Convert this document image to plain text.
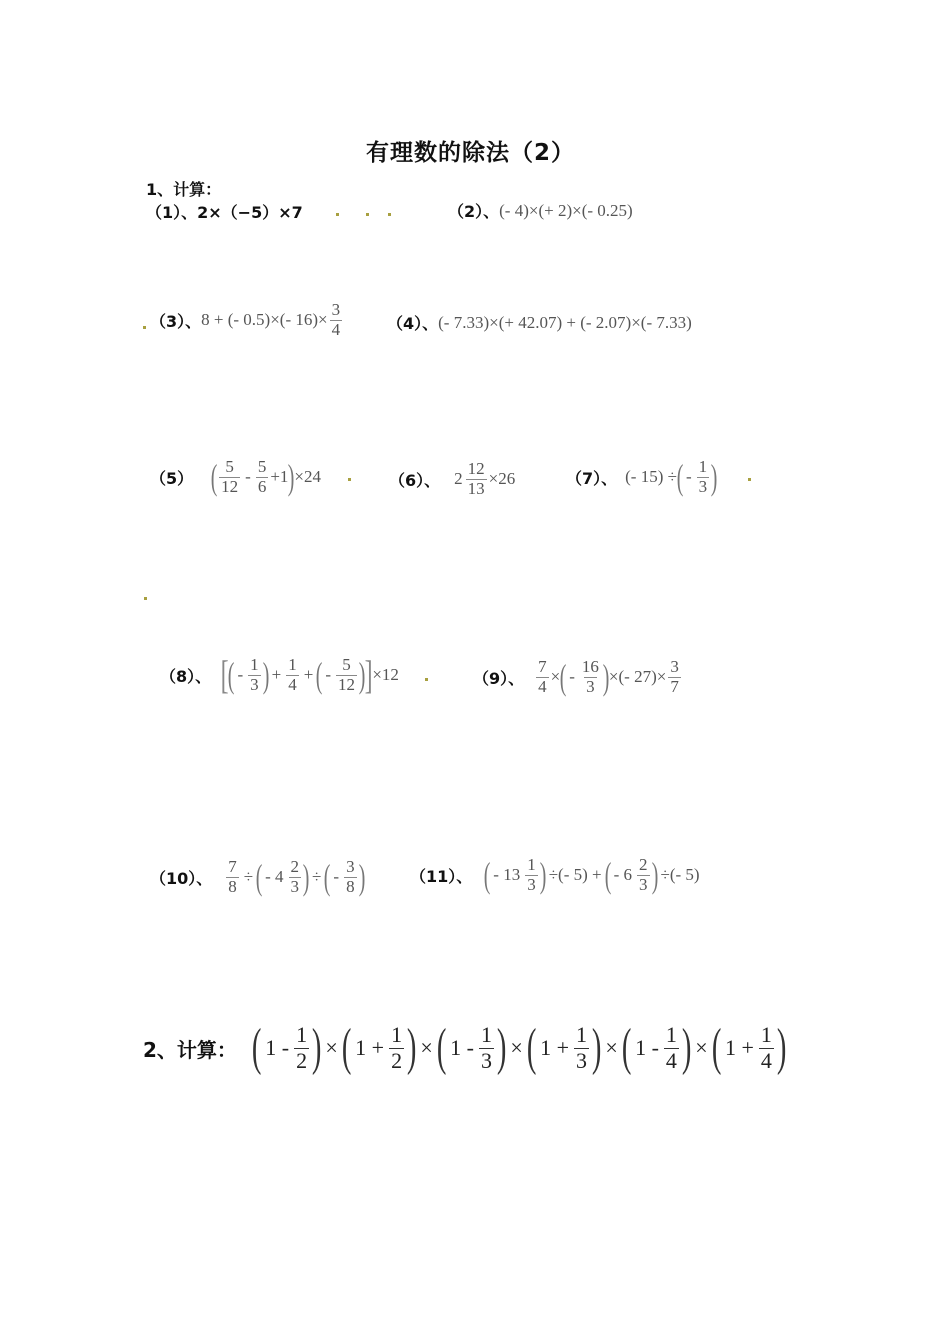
有理数的除法（2）
1、计算：
（1）、2×（−5）×7	（2）、 (- 4)×(+ 2)×(- 0.25)
（3）、 8 + (- 0.5)×(- $16)\times \frac{3}{4}$	（4）、 (- 7.33)×(+ 42.07) + (- 2.07)×(- 7.33)
（5） ( $\frac{5}{12} - \frac{5}{6} +1$ ) ×24	（6）、 $2 \frac{12}{13} \times 26$	（7）、 (- 15) ÷ ( - $\frac{1}{3}$ )
（8）、 [ ( - $\frac{1}{3}$ ) + $\frac{1}{4}$ + ( - $\frac{5}{12}$ ) ] ×12	（9）、 $\frac{7}{4}$ × ( - $\frac{16}{3}$ ) ×(- $27)\times \frac{3}{7}$
（10）、 $\frac{7}{8}$ ÷ ( - $4 \frac{2}{3}$ ) ÷ ( - $\frac{3}{8}$ )	（11）、 ( - $13 \frac{1}{3}$ ) ÷(- 5) + ( - $6 \frac{2}{3}$ ) ÷(- 5)
2、计算： ( $1 - \frac{1}{2}$ ) × ( $1 + \frac{1}{2}$ ) × ( $1 - \frac{1}{3}$ ) × ( $1 + \frac{1}{3}$ ) × ( $1 - \frac{1}{4}$ ) × ( $1 + \frac{1}{4}$ )
